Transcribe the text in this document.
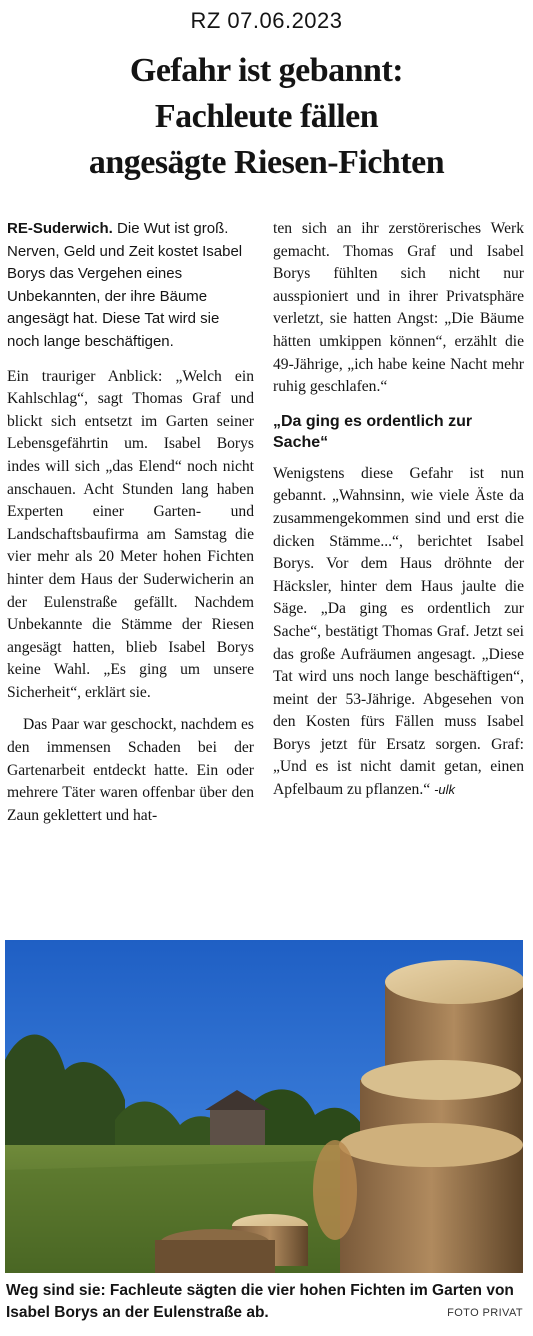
RZ 07.06.2023
Gefahr ist gebannt:
Fachleute fällen
angesägte Riesen-Fichten

RE-Suderwich. Die Wut ist groß. Nerven, Geld und Zeit kostet Isabel Borys das Vergehen eines Unbekannten, der ihre Bäume angesägt hat. Diese Tat wird sie noch lange beschäftigen.

Ein trauriger Anblick: „Welch ein Kahlschlag“, sagt Thomas Graf und blickt sich entsetzt im Garten seiner Lebensgefährtin um. Isabel Borys indes will sich „das Elend“ noch nicht anschauen. Acht Stunden lang haben Experten einer Garten- und Landschaftsbaufirma am Samstag die vier mehr als 20 Meter hohen Fichten hinter dem Haus der Suderwicherin an der Eulenstraße gefällt. Nachdem Unbekannte die Stämme der Riesen angesägt hatten, blieb Isabel Borys keine Wahl. „Es ging um unsere Sicherheit“, erklärt sie.

Das Paar war geschockt, nachdem es den immensen Schaden bei der Gartenarbeit entdeckt hatte. Ein oder mehrere Täter waren offenbar über den Zaun geklettert und hat-

ten sich an ihr zerstörerisches Werk gemacht. Thomas Graf und Isabel Borys fühlten sich nicht nur ausspioniert und in ihrer Privatsphäre verletzt, sie hatten Angst: „Die Bäume hätten umkippen können“, erzählt die 49-Jährige, „ich habe keine Nacht mehr ruhig geschlafen.“

„Da ging es ordentlich zur Sache“

Wenigstens diese Gefahr ist nun gebannt. „Wahnsinn, wie viele Äste da zusammengekommen sind und erst die dicken Stämme...“, berichtet Isabel Borys. Vor dem Haus dröhnte der Häcksler, hinter dem Haus jaulte die Säge. „Da ging es ordentlich zur Sache“, bestätigt Thomas Graf. Jetzt sei das große Aufräumen angesagt. „Diese Tat wird uns noch lange beschäftigen“, meint der 53-Jährige. Abgesehen von den Kosten fürs Fällen muss Isabel Borys jetzt für Ersatz sorgen. Graf: „Und es ist nicht damit getan, einen Apfelbaum zu pflanzen.“ -ulk

Weg sind sie: Fachleute sägten die vier hohen Fichten im Garten von Isabel Borys an der Eulenstraße ab.	FOTO PRIVAT
